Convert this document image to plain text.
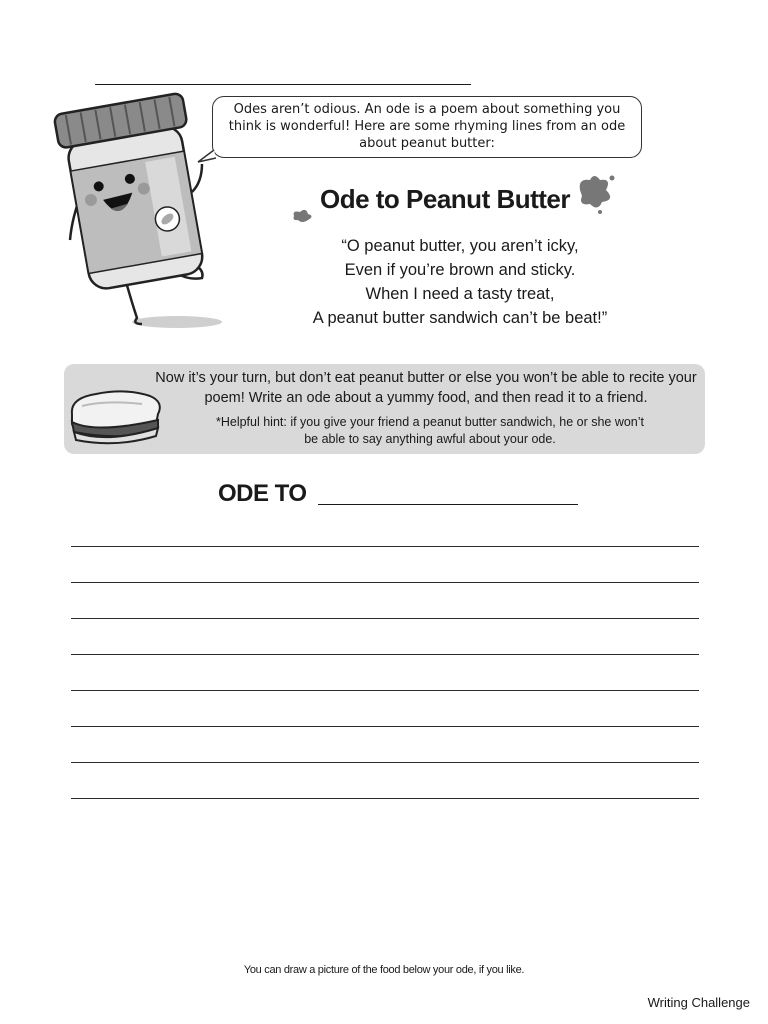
Odes aren’t odious. An ode is a poem about something you think is wonderful! Here are some rhyming lines from an ode about peanut butter:
Ode to Peanut Butter
“O peanut butter, you aren’t icky,
Even if you’re brown and sticky.
When I need a tasty treat,
A peanut butter sandwich can’t be beat!”
Now it’s your turn, but don’t eat peanut butter or else you won’t be able to recite your poem! Write an ode about a yummy food, and then read it to a friend.
*Helpful hint: if you give your friend a peanut butter sandwich, he or she won’t be able to say anything awful about your ode.
ODE TO
You can draw a picture of the food below your ode, if you like.
Writing Challenge
